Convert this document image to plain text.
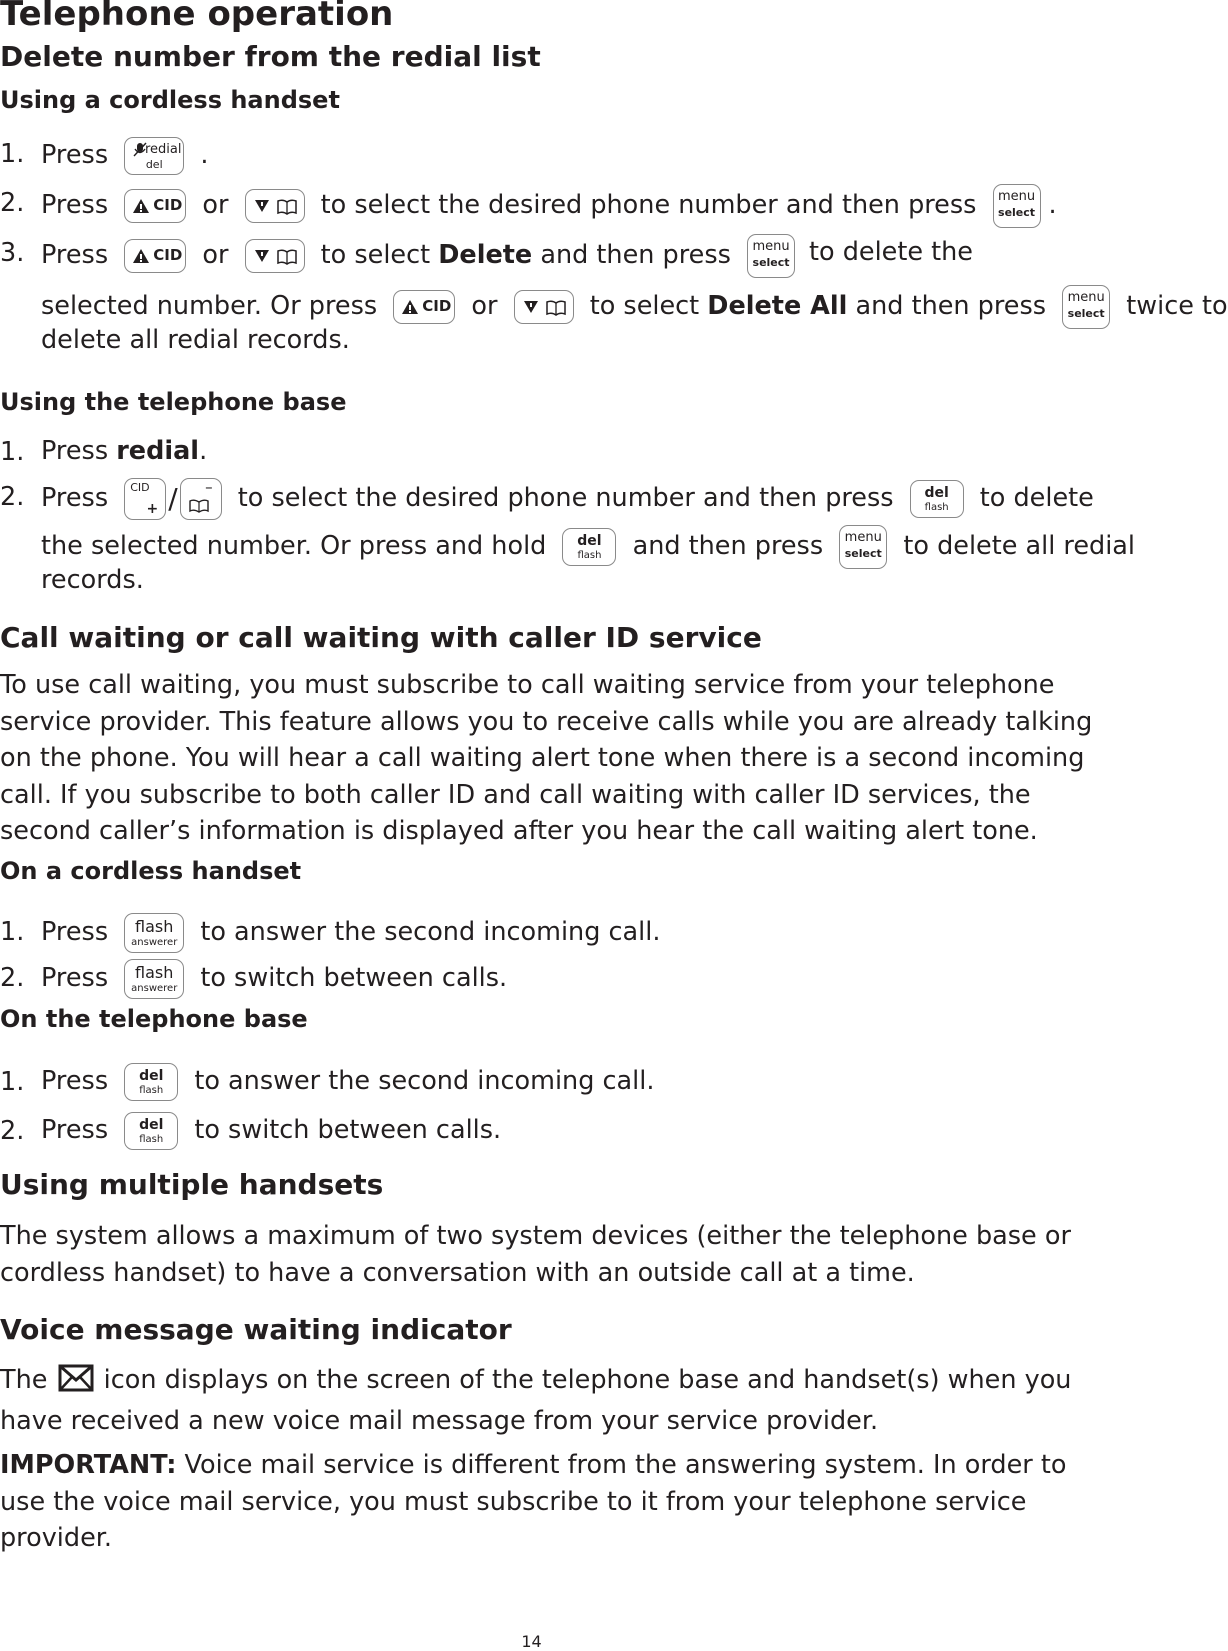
Telephone operation
Delete number from the redial list
Using a cordless handset
1. Press	redial
del	.
2. Press	CID or	to select the desired phone number and then press	menu
select .
3. Press	CID or	to select Delete and then press	menu
select to delete the
selected number. Or press	CID or	to select Delete All and then press	menu
select twice to
delete all redial records.
Using the telephone base
1. Press redial.
2. Press CID
+ / – to select the desired phone number and then press	del
flash	to delete
the selected number. Or press and hold	del
flash	and then press	menu
select to delete all redial
records.
Call waiting or call waiting with caller ID service
To use call waiting, you must subscribe to call waiting service from your telephone service provider. This feature allows you to receive calls while you are already talking on the phone. You will hear a call waiting alert tone when there is a second incoming call. If you subscribe to both caller ID and call waiting with caller ID services, the second caller’s information is displayed after you hear the call waiting alert tone.
On a cordless handset
1. Press	flash
answerer to answer the second incoming call.
2. Press	flash
answerer to switch between calls.
On the telephone base
1. Press	del
flash	to answer the second incoming call.
2. Press	del
flash	to switch between calls.
Using multiple handsets
The system allows a maximum of two system devices (either the telephone base or cordless handset) to have a conversation with an outside call at a time.
Voice message waiting indicator
The icon displays on the screen of the telephone base and handset(s) when you have received a new voice mail message from your service provider.
IMPORTANT: Voice mail service is different from the answering system. In order to use the voice mail service, you must subscribe to it from your telephone service provider.
14
